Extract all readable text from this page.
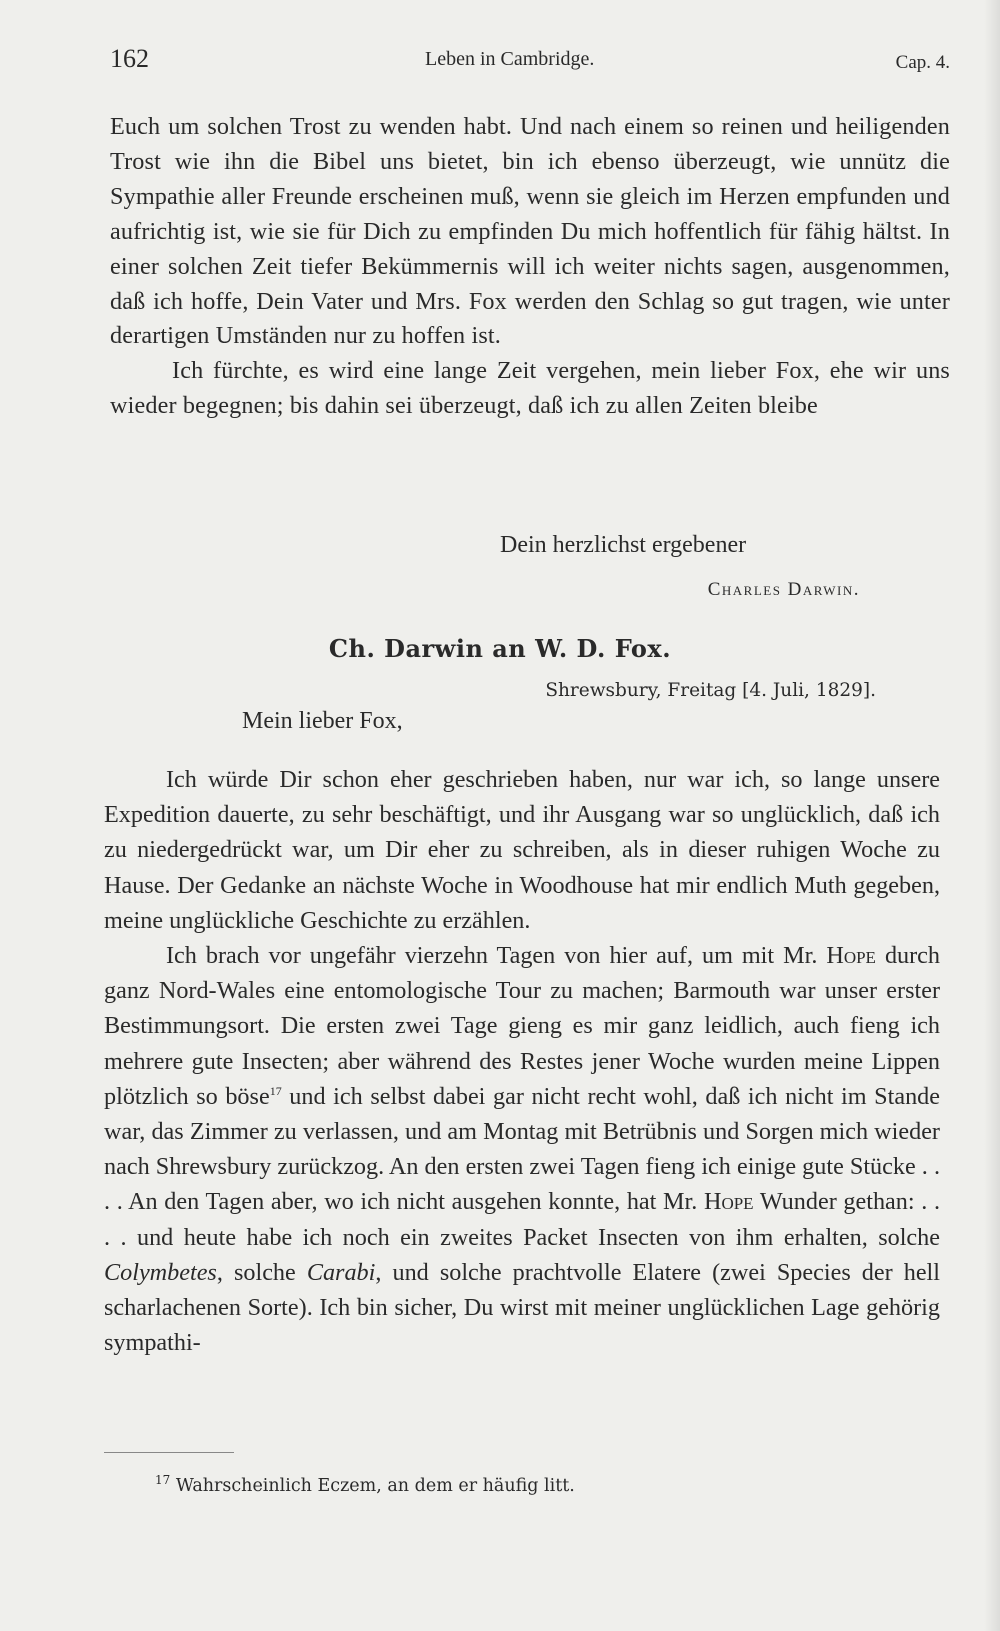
162	Leben in Cambridge.	Cap. 4.

Euch um solchen Trost zu wenden habt. Und nach einem so reinen und heiligenden Trost wie ihn die Bibel uns bietet, bin ich ebenso überzeugt, wie unnütz die Sympathie aller Freunde erscheinen muß, wenn sie gleich im Herzen empfunden und aufrichtig ist, wie sie für Dich zu empfinden Du mich hoffentlich für fähig hältst. In einer solchen Zeit tiefer Bekümmernis will ich weiter nichts sagen, ausgenommen, daß ich hoffe, Dein Vater und Mrs. Fox werden den Schlag so gut tragen, wie unter derartigen Umständen nur zu hoffen ist.

Ich fürchte, es wird eine lange Zeit vergehen, mein lieber Fox, ehe wir uns wieder begegnen; bis dahin sei überzeugt, daß ich zu allen Zeiten bleibe

Dein herzlichst ergebener
Charles Darwin.
Ch. Darwin an W. D. Fox.
Shrewsbury, Freitag [4. Juli, 1829].
Mein lieber Fox,

Ich würde Dir schon eher geschrieben haben, nur war ich, so lange unsere Expedition dauerte, zu sehr beschäftigt, und ihr Ausgang war so unglücklich, daß ich zu niedergedrückt war, um Dir eher zu schreiben, als in dieser ruhigen Woche zu Hause. Der Gedanke an nächste Woche in Woodhouse hat mir endlich Muth gegeben, meine unglückliche Geschichte zu erzählen.

Ich brach vor ungefähr vierzehn Tagen von hier auf, um mit Mr. Hope durch ganz Nord-Wales eine entomologische Tour zu machen; Barmouth war unser erster Bestimmungsort. Die ersten zwei Tage gieng es mir ganz leidlich, auch fieng ich mehrere gute Insecten; aber während des Restes jener Woche wurden meine Lippen plötzlich so böse$^{17}$ und ich selbst dabei gar nicht recht wohl, daß ich nicht im Stande war, das Zimmer zu verlassen, und am Montag mit Betrübnis und Sorgen mich wieder nach Shrewsbury zurückzog. An den ersten zwei Tagen fieng ich einige gute Stücke . . . . An den Tagen aber, wo ich nicht ausgehen konnte, hat Mr. Hope Wunder gethan: . . . . und heute habe ich noch ein zweites Packet Insecten von ihm erhalten, solche Colymbetes, solche Carabi, und solche prachtvolle Elatere (zwei Species der hell scharlachenen Sorte). Ich bin sicher, Du wirst mit meiner unglücklichen Lage gehörig sympathi-

$^{17}$ Wahrscheinlich Eczem, an dem er häufig litt.
